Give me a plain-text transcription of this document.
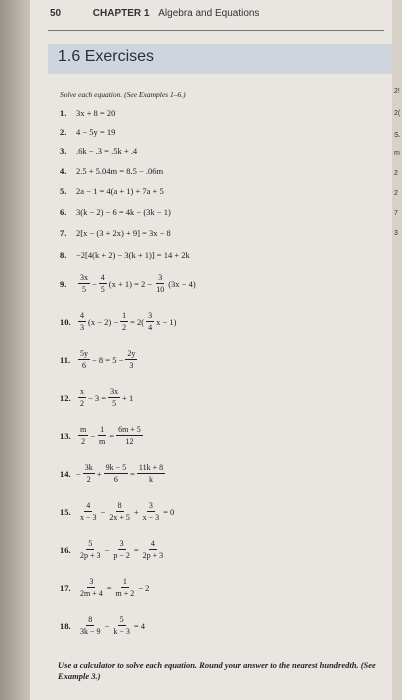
50	CHAPTER 1 Algebra and Equations
1.6 Exercises
Solve each equation. (See Examples 1–6.)
1. 3x + 8 = 20
2. 4 − 5y = 19
3. .6k − .3 = .5k + .4
4. 2.5 + 5.04m = 8.5 − .06m
5. 2a − 1 = 4(a + 1) + 7a + 5
6. 3(k − 2) − 6 = 4k − (3k − 1)
7. 2[x − (3 + 2x) + 9] = 3x − 8
8. −2[4(k + 2) − 3(k + 1)] = 14 + 2k
9.	$\frac{3x}{5} - \frac{4}{5} (x + 1) = 2 - \frac{3}{10} (3x - 4)$
10. $\frac{4}{3} (x - 2) - \frac{1}{2} = 2( \frac{3}{4}$ x − 1)
11. $\frac{5y}{6} - 8 = 5 - \frac{2y}{3}$
12. $\frac{x}{2} - 3 = \frac{3x}{5} + 1$
13. $\frac{m}{2} - \frac{1}{m} = \frac{6m + 5}{12}$
14. − $\frac{3k}{2} + \frac{9k - 5}{6} = \frac{11k + 8}{k}$
15. $\frac{4}{x - 3} - \frac{8}{2x + 5} + \frac{3}{x - 3} = 0$
16. $\frac{5}{2p + 3} - \frac{3}{p - 2} = \frac{4}{2p + 3}$
17. $\frac{3}{2m + 4} = \frac{1}{m + 2} - 2$
18. $\frac{8}{3k - 9} - \frac{5}{k - 3} = 4$
Use a calculator to solve each equation. Round your answer to the nearest hundredth. (See Example 3.)
2!
2(
S.
m
2
2
7
3
